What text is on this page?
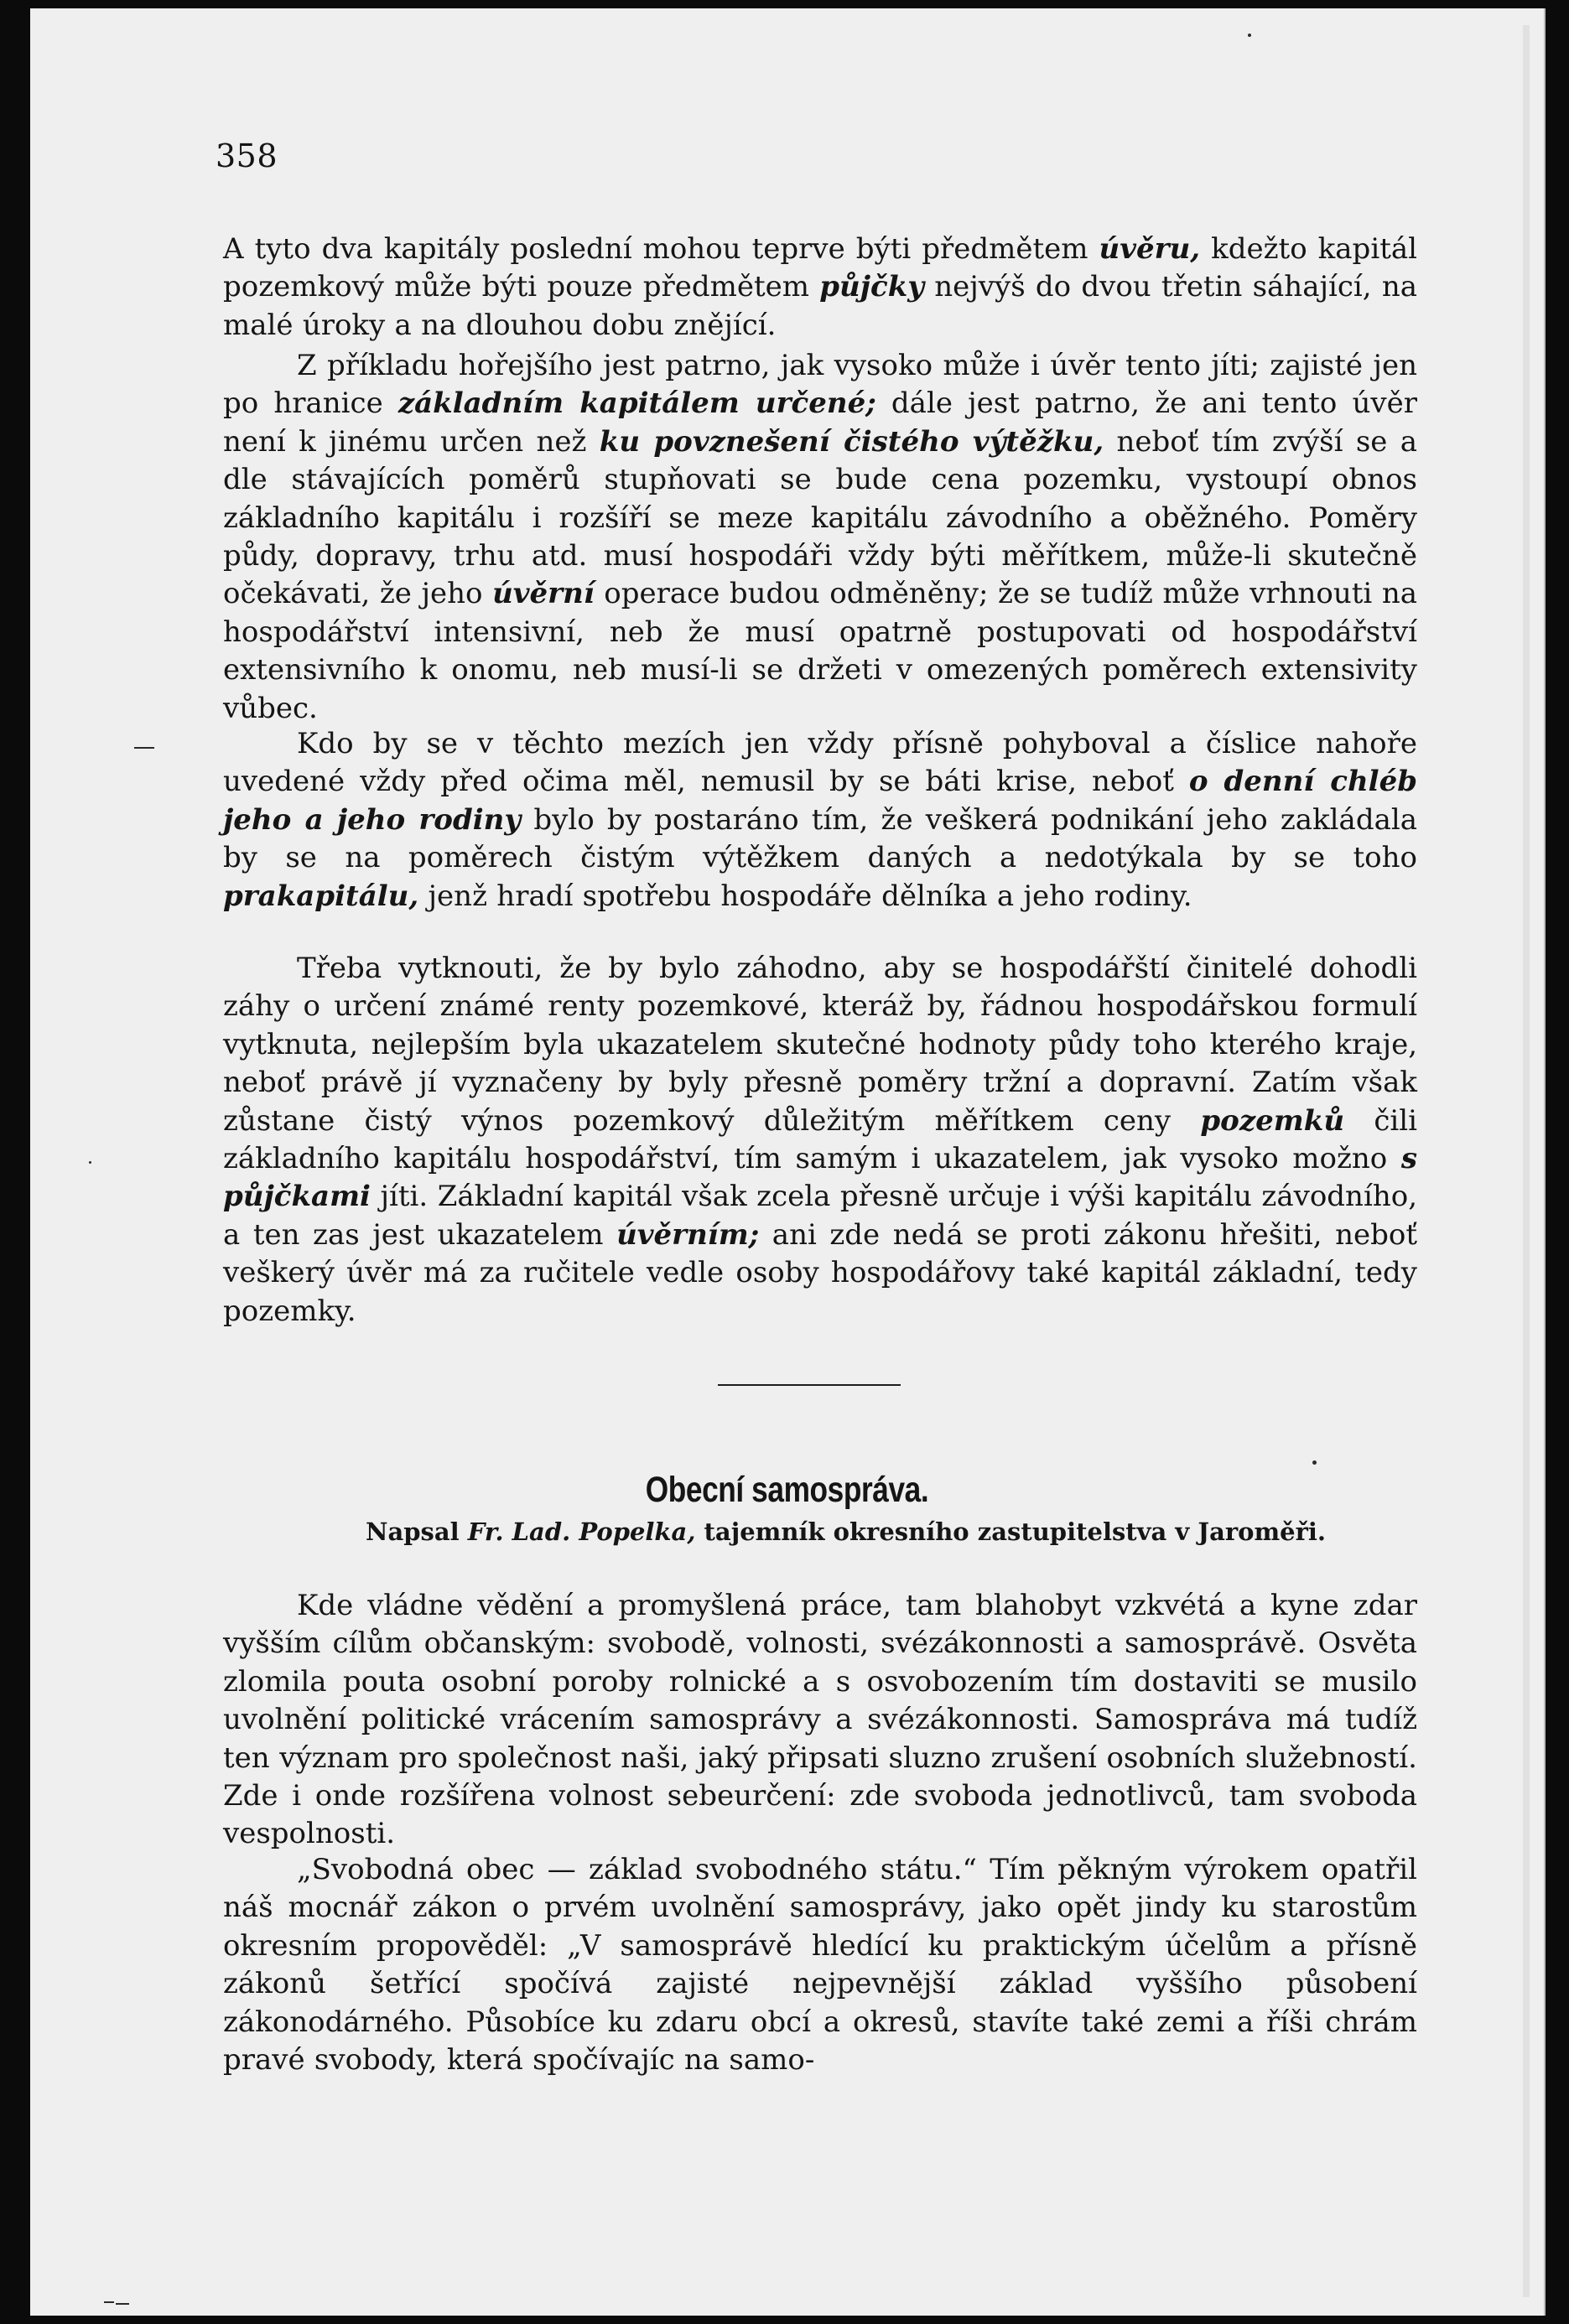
358

A tyto dva kapitály poslední mohou teprve býti předmětem úvěru, kdežto kapitál pozemkový může býti pouze předmětem půjčky nejvýš do dvou třetin sáhající, na malé úroky a na dlouhou dobu znějící.

Z příkladu hořejšího jest patrno, jak vysoko může i úvěr tento jíti; zajisté jen po hranice základním kapitálem určené; dále jest patrno, že ani tento úvěr není k jinému určen než ku povznešení čistého výtěžku, neboť tím zvýší se a dle stávajících poměrů stupňovati se bude cena pozemku, vystoupí obnos základního kapitálu i rozšíří se meze kapitálu závodního a oběžného. Poměry půdy, dopravy, trhu atd. musí hospodáři vždy býti měřítkem, může-li skutečně očekávati, že jeho úvěrní operace budou odměněny; že se tudíž může vrhnouti na hospodářství intensivní, neb že musí opatrně postupovati od hospodářství extensivního k onomu, neb musí-li se držeti v omezených poměrech extensivity vůbec.

Kdo by se v těchto mezích jen vždy přísně pohyboval a číslice nahoře uvedené vždy před očima měl, nemusil by se báti krise, neboť o denní chléb jeho a jeho rodiny bylo by postaráno tím, že veškerá podnikání jeho zakládala by se na poměrech čistým výtěžkem daných a nedotýkala by se toho prakapitálu, jenž hradí spotřebu hospodáře dělníka a jeho rodiny.

Třeba vytknouti, že by bylo záhodno, aby se hospodářští činitelé dohodli záhy o určení známé renty pozemkové, kteráž by, řádnou hospodářskou formulí vytknuta, nejlepším byla ukazatelem skutečné hodnoty půdy toho kterého kraje, neboť právě jí vyznačeny by byly přesně poměry tržní a dopravní. Zatím však zůstane čistý výnos pozemkový důležitým měřítkem ceny pozemků čili základního kapitálu hospodářství, tím samým i ukazatelem, jak vysoko možno s půjčkami jíti. Základní kapitál však zcela přesně určuje i výši kapitálu závodního, a ten zas jest ukazatelem úvěrním; ani zde nedá se proti zákonu hřešiti, neboť veškerý úvěr má za ručitele vedle osoby hospodářovy také kapitál základní, tedy pozemky.

Obecní samospráva.
Napsal Fr. Lad. Popelka, tajemník okresního zastupitelstva v Jaroměři.

Kde vládne vědění a promyšlená práce, tam blahobyt vzkvétá a kyne zdar vyšším cílům občanským: svobodě, volnosti, svézákonnosti a samosprávě. Osvěta zlomila pouta osobní poroby rolnické a s osvobozením tím dostaviti se musilo uvolnění politické vrácením samosprávy a svézákonnosti. Samospráva má tudíž ten význam pro společnost naši, jaký připsati sluzno zrušení osobních služebností. Zde i onde rozšířena volnost sebeurčení: zde svoboda jednotlivců, tam svoboda vespolnosti.

„Svobodná obec — základ svobodného státu.“ Tím pěkným výrokem opatřil náš mocnář zákon o prvém uvolnění samosprávy, jako opět jindy ku starostům okresním propověděl: „V samosprávě hledící ku praktickým účelům a přísně zákonů šetřící spočívá zajisté nejpevnější základ vyššího působení zákonodárného. Působíce ku zdaru obcí a okresů, stavíte také zemi a říši chrám pravé svobody, která spočívajíc na samo-
